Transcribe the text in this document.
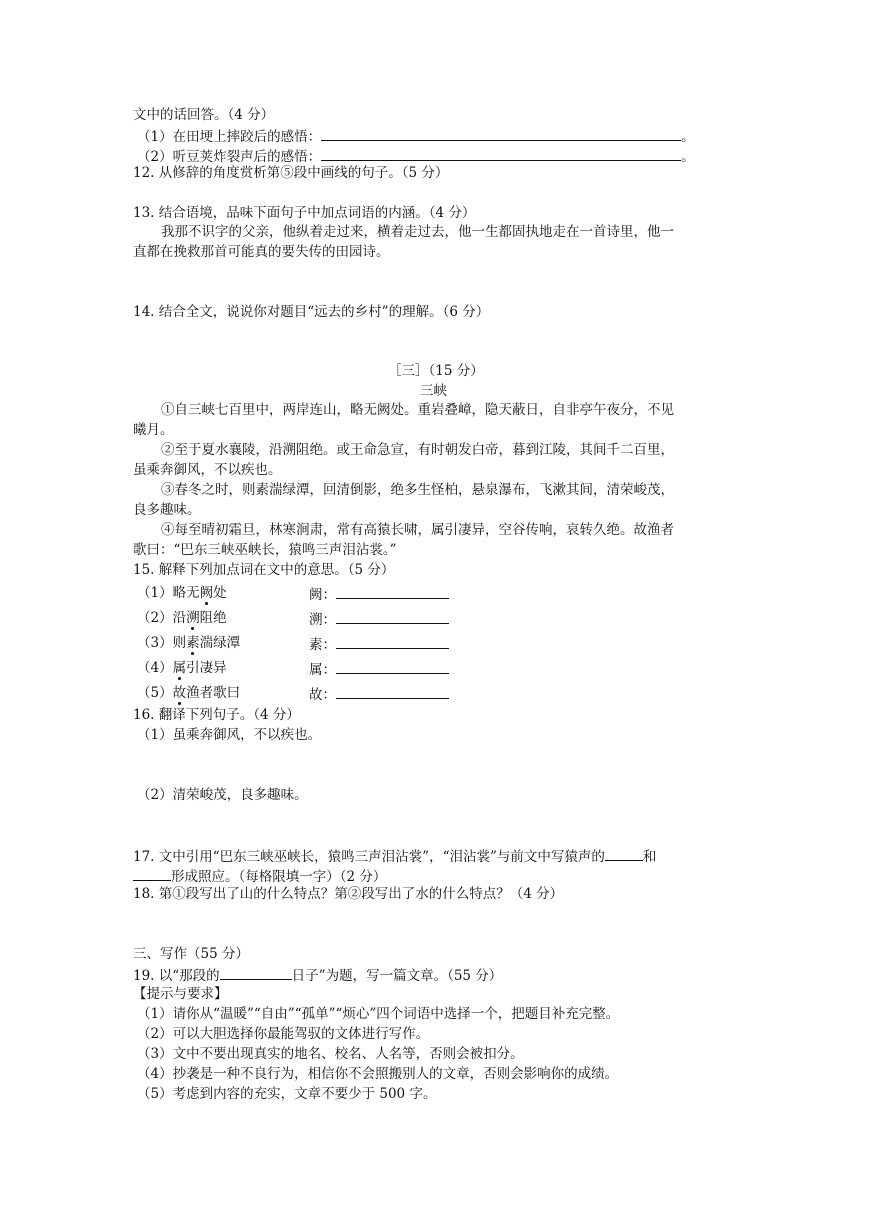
文中的话回答。（4 分）
（1）在田埂上摔跤后的感悟：	。
（2）听豆荚炸裂声后的感悟：	。
12. 从修辞的角度赏析第⑤段中画线的句子。（5 分）
13. 结合语境，品味下面句子中加点词语的内涵。（4 分）
我那不识字的父亲，他纵着走过来，横着走过去，他一生都固执地走在一首诗里，他一
直都在挽救那首可能真的要失传的田园诗。
14. 结合全文，说说你对题目“远去的乡村”的理解。（6 分）
［三］（15 分）
三峡
①自三峡七百里中，两岸连山，略无阙处。重岩叠嶂，隐天蔽日，自非亭午夜分，不见
曦月。
②至于夏水襄陵，沿溯阻绝。或王命急宣，有时朝发白帝，暮到江陵，其间千二百里，
虽乘奔御风，不以疾也。
③春冬之时，则素湍绿潭，回清倒影，绝多生怪柏，悬泉瀑布，飞漱其间，清荣峻茂，
良多趣味。
④每至晴初霜旦，林寒涧肃，常有高猿长啸，属引凄异，空谷传响，哀转久绝。故渔者
歌曰：“巴东三峡巫峡长，猿鸣三声泪沾裳。”
15. 解释下列加点词在文中的意思。（5 分）
（1）略无阙处	阙：
（2）沿溯阻绝	溯：
（3）则素湍绿潭	素：
（4）属引凄异	属：
（5）故渔者歌曰	故：
16. 翻译下列句子。（4 分）
（1）虽乘奔御风，不以疾也。
（2）清荣峻茂，良多趣味。
17. 文中引用“巴东三峡巫峡长，猿鸣三声泪沾裳”，“泪沾裳”与前文中写猿声的	和
形成照应。（每格限填一字）（2 分）
18. 第①段写出了山的什么特点？第②段写出了水的什么特点？（4 分）
三、写作（55 分）
19. 以“那段的	日子”为题，写一篇文章。（55 分）
【提示与要求】
（1）请你从“温暖”“自由”“孤单”“烦心”四个词语中选择一个，把题目补充完整。
（2）可以大胆选择你最能驾驭的文体进行写作。
（3）文中不要出现真实的地名、校名、人名等，否则会被扣分。
（4）抄袭是一种不良行为，相信你不会照搬别人的文章，否则会影响你的成绩。
（5）考虑到内容的充实，文章不要少于 500 字。
